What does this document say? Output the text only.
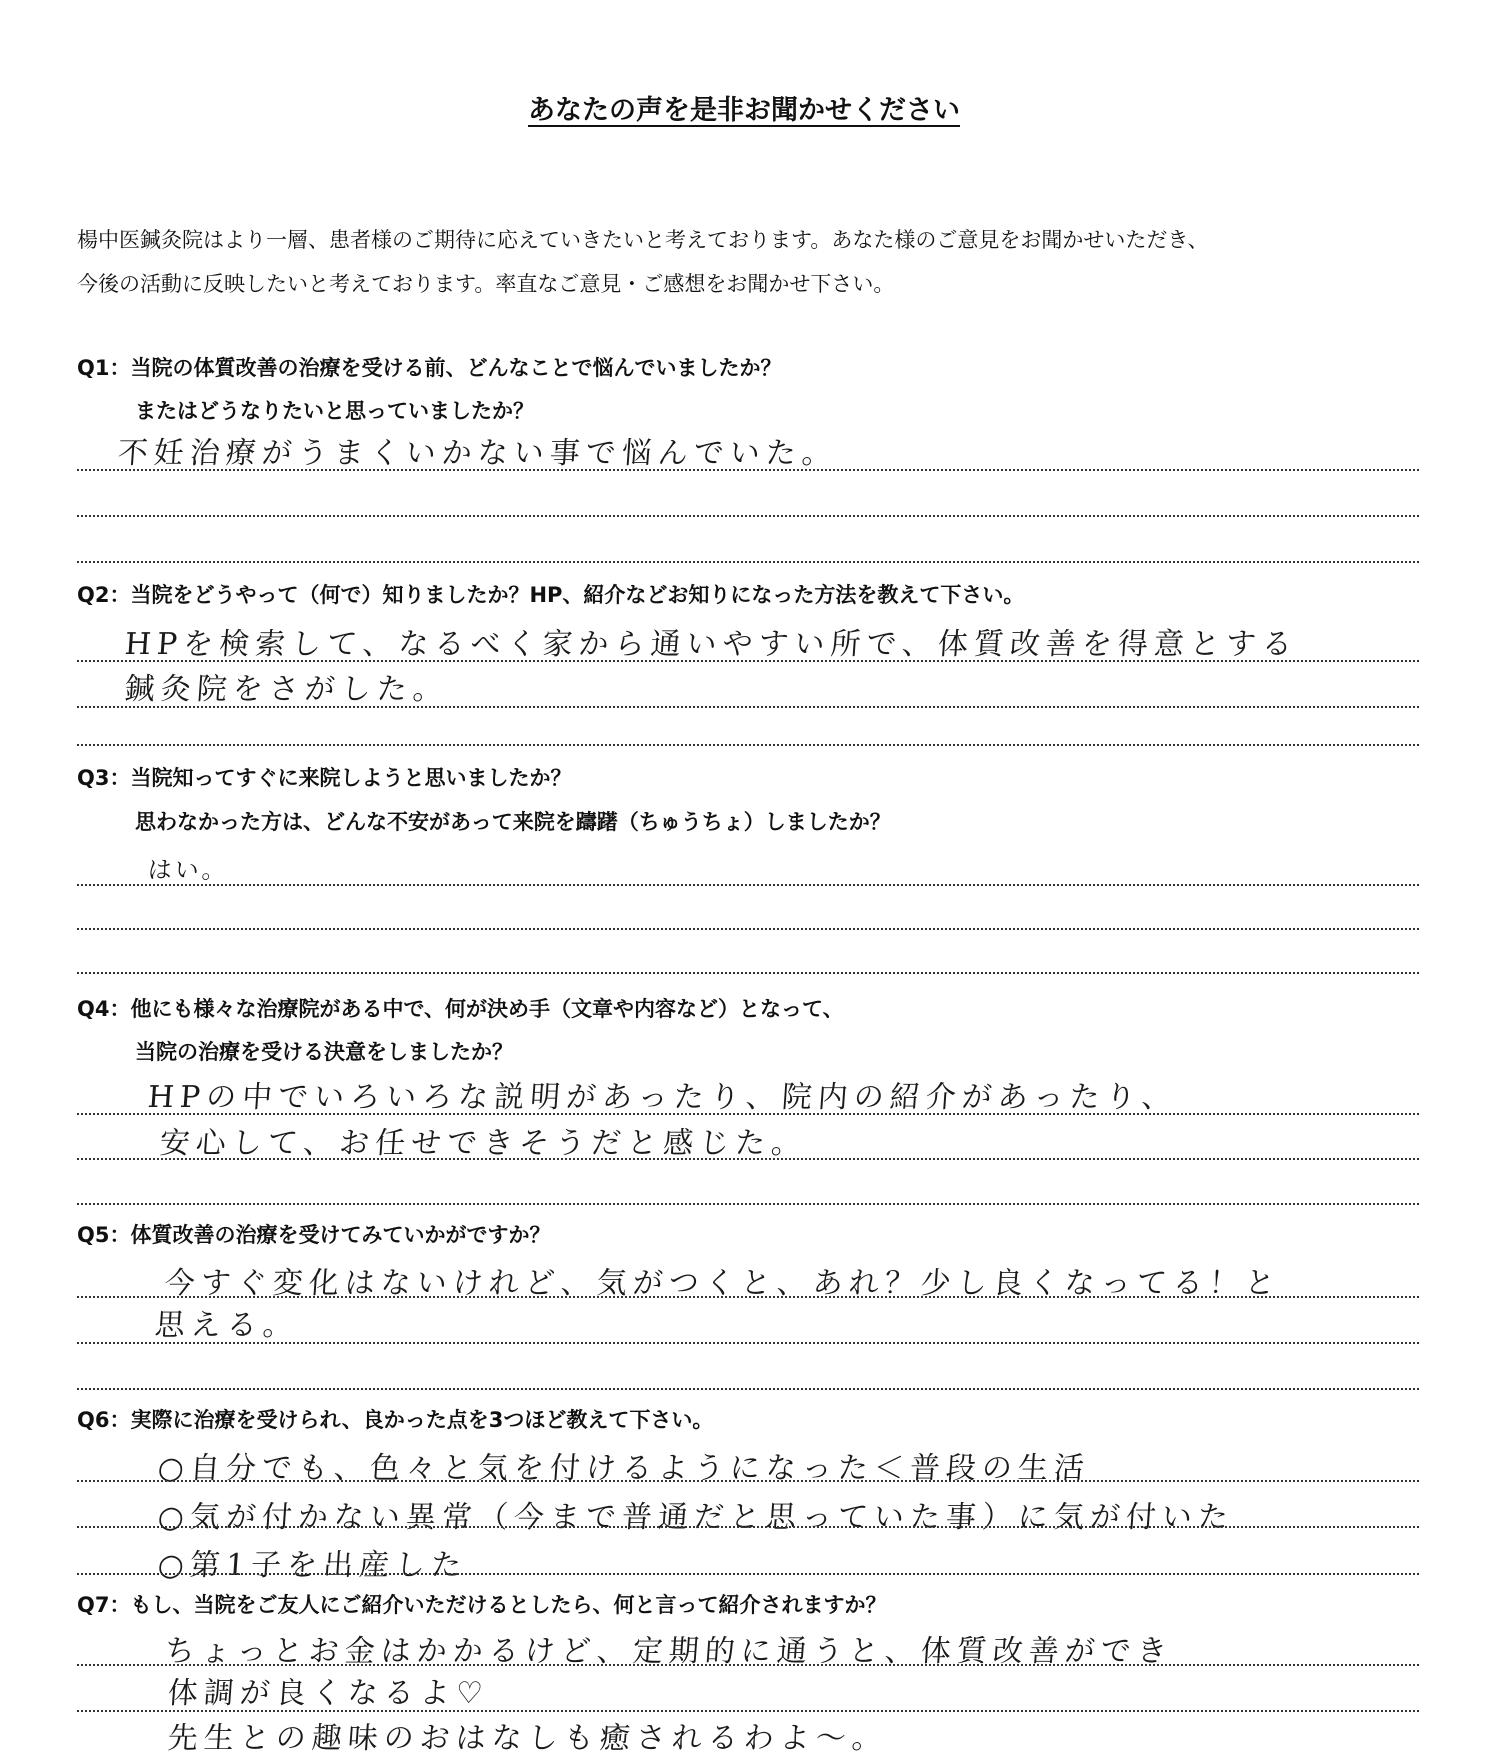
あなたの声を是非お聞かせください
楊中医鍼灸院はより一層、患者様のご期待に応えていきたいと考えております。あなた様のご意見をお聞かせいただき、
今後の活動に反映したいと考えております。率直なご意見・ご感想をお聞かせ下さい。
Q1：当院の体質改善の治療を受ける前、どんなことで悩んでいましたか？
またはどうなりたいと思っていましたか？
不妊治療がうまくいかない事で悩んでいた。
Q2：当院をどうやって（何で）知りましたか？HP、紹介などお知りになった方法を教えて下さい。
HPを検索して、なるべく家から通いやすい所で、体質改善を得意とする
鍼灸院をさがした。
Q3：当院知ってすぐに来院しようと思いましたか？
思わなかった方は、どんな不安があって来院を躊躇（ちゅうちょ）しましたか？
はい。
Q4：他にも様々な治療院がある中で、何が決め手（文章や内容など）となって、
当院の治療を受ける決意をしましたか？
HPの中でいろいろな説明があったり、院内の紹介があったり、
安心して、お任せできそうだと感じた。
Q5：体質改善の治療を受けてみていかがですか？
今すぐ変化はないけれど、気がつくと、あれ？少し良くなってる！と
思える。
Q6：実際に治療を受けられ、良かった点を3つほど教えて下さい。
○自分でも、色々と気を付けるようになった＜普段の生活
○気が付かない異常（今まで普通だと思っていた事）に気が付いた
○第1子を出産した
Q7：もし、当院をご友人にご紹介いただけるとしたら、何と言って紹介されますか？
ちょっとお金はかかるけど、定期的に通うと、体質改善ができ
体調が良くなるよ♡
先生との趣味のおはなしも癒されるわよ～。
